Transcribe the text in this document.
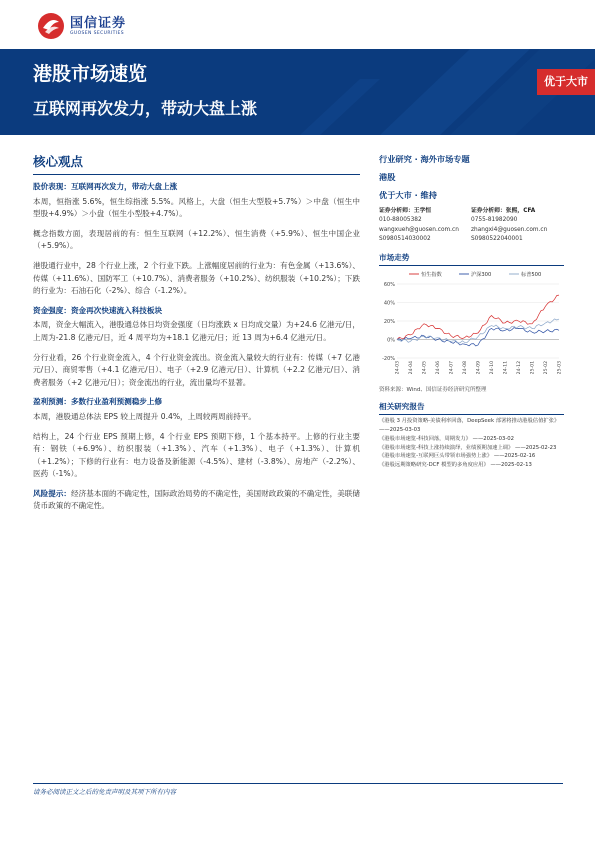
国信证券
GUOSEN SECURITIES
港股市场速览
互联网再次发力，带动大盘上涨
优于大市
核心观点
股价表现：互联网再次发力，带动大盘上涨
本周，恒指涨 5.6%，恒生综指涨 5.5%。风格上，大盘（恒生大型股+5.7%）＞中盘（恒生中型股+4.9%）＞小盘（恒生小型股+4.7%）。
概念指数方面，表现居前的有：恒生互联网（+12.2%）、恒生消费（+5.9%）、恒生中国企业（+5.9%）。
港股通行业中，28 个行业上涨，2 个行业下跌。上涨幅度居前的行业为：有色金属（+13.6%）、传媒（+11.6%）、国防军工（+10.7%）、消费者服务（+10.2%）、纺织服装（+10.2%）；下跌的行业为：石油石化（-2%）、综合（-1.2%）。
资金强度：资金再次快速流入科技板块
本周，资金大幅流入，港股通总体日均资金强度（日均涨跌 x 日均成交量）为+24.6 亿港元/日，上周为-21.8 亿港元/日，近 4 周平均为+18.1 亿港元/日；近 13 周为+6.4 亿港元/日。
分行业看，26 个行业资金流入，4 个行业资金流出。资金流入量较大的行业有：传媒（+7 亿港元/日）、商贸零售（+4.1 亿港元/日）、电子（+2.9 亿港元/日）、计算机（+2.2 亿港元/日）、消费者服务（+2 亿港元/日）；资金流出的行业，流出量均不显著。
盈利预测：多数行业盈利预测稳步上修
本周，港股通总体法 EPS 较上周提升 0.4%，上周较两周前持平。
结构上，24 个行业 EPS 预期上修，4 个行业 EPS 预期下修，1 个基本持平。上修的行业主要有：钢铁（+6.9%）、纺织服装（+1.3%）、汽车（+1.3%）、电子（+1.3%）、计算机（+1.2%）；下修的行业有：电力设备及新能源（-4.5%）、建材（-3.8%）、房地产（-2.2%）、医药（-1%）。
风险提示：经济基本面的不确定性，国际政治局势的不确定性，美国财政政策的不确定性，美联储货币政策的不确定性。
行业研究 · 海外市场专题
港股
优于大市 · 维持
证券分析师：王学恒
010-88005382
wangxueh@guosen.com.cn
S0980514030002
证券分析师：张熙，CFA
0755-81982090
zhangxi4@guosen.com.cn
S0980522040001
市场走势
-20%
0%
20%
40%
60%
24-03 24-04 24-05 24-06 24-07 24-08 24-09 24-10 24-11 24-12 25-01 25-02 25-03
恒生指数	沪深300	标普500
资料来源：Wind、国信证券经济研究所整理
相关研究报告
《港股 3 月投资策略-美债利率回落，DeepSeek 部署将推动港股估值扩张》 ——2025-03-03
《港股市场速览-科技回落，周期发力》 ——2025-03-02
《港股市场速览-科技上涨持续演绎，业绩预期加速上调》 ——2025-02-23
《港股市场速览-互联网巨头带领市场强势上涨》 ——2025-02-16
《港股远期策略研究-DCF 模型的多角度应用》 ——2025-02-13
请务必阅读正文之后的免责声明及其项下所有内容
